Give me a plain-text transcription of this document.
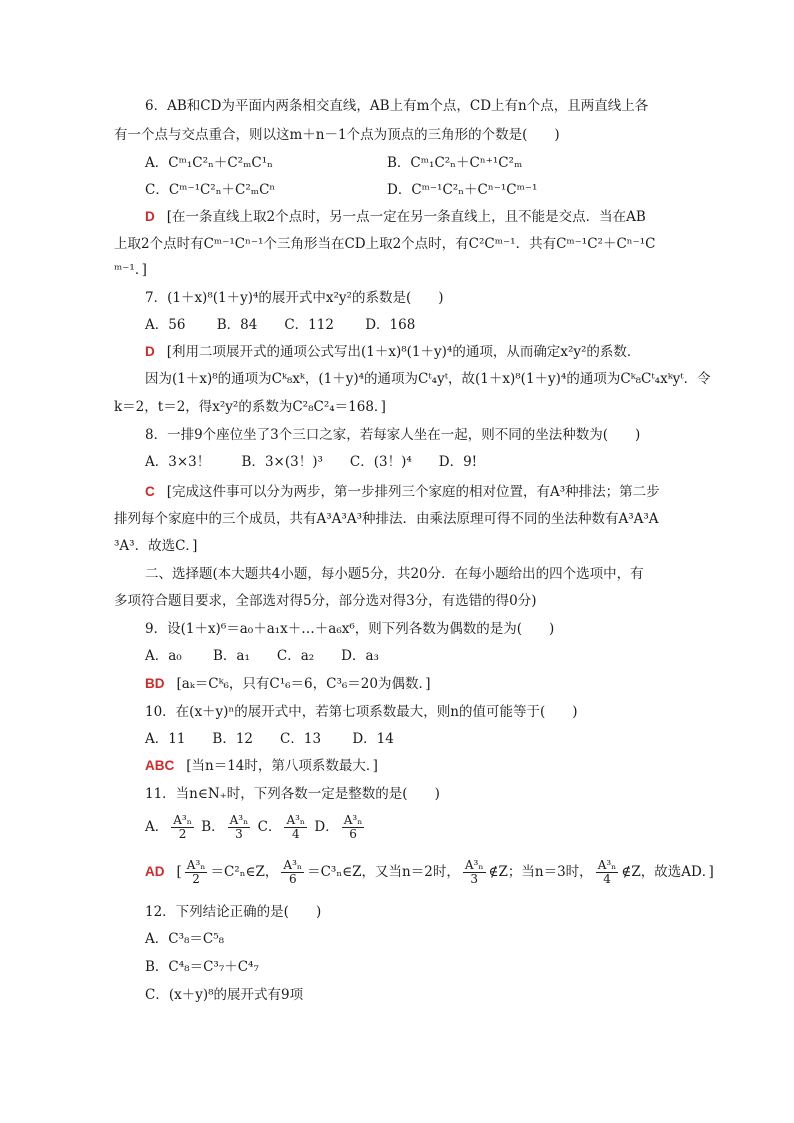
6．AB和CD为平面内两条相交直线，AB上有m个点，CD上有n个点，且两直线上各
有一个点与交点重合，则以这m＋n－1个点为顶点的三角形的个数是(　　)
A．Cᵐ₁C²ₙ＋C²ₘC¹ₙ	B．Cᵐ₁C²ₙ＋Cⁿ⁺¹C²ₘ
C．Cᵐ⁻¹C²ₙ＋C²ₘCⁿ	D．Cᵐ⁻¹C²ₙ＋Cⁿ⁻¹Cᵐ⁻¹
D [在一条直线上取2个点时，另一点一定在另一条直线上，且不能是交点．当在AB
上取2个点时有Cᵐ⁻¹Cⁿ⁻¹个三角形当在CD上取2个点时，有C²Cᵐ⁻¹．共有Cᵐ⁻¹C²＋Cⁿ⁻¹C
ᵐ⁻¹．]
7．(1＋x)⁸(1＋y)⁴的展开式中x²y²的系数是(　　)
A．56　　 B．84　　C．112　　 D．168
D [利用二项展开式的通项公式写出(1＋x)⁸(1＋y)⁴的通项，从而确定x²y²的系数．
因为(1＋x)⁸的通项为Cᵏ₈xᵏ，(1＋y)⁴的通项为Cᵗ₄yᵗ，故(1＋x)⁸(1＋y)⁴的通项为Cᵏ₈Cᵗ₄xᵏyᵗ．令
k＝2，t＝2，得x²y²的系数为C²₈C²₄＝168．]
8．一排9个座位坐了3个三口之家，若每家人坐在一起，则不同的坐法种数为(　　)
A．3×3！　　 B．3×(3！)³　　C．(3！)⁴　　D．9!
C [完成这件事可以分为两步，第一步排列三个家庭的相对位置，有A³种排法；第二步
排列每个家庭中的三个成员，共有A³A³A³种排法．由乘法原理可得不同的坐法种数有A³A³A
³A³．故选C．]
二、选择题(本大题共4小题，每小题5分，共20分．在每小题给出的四个选项中，有
多项符合题目要求，全部选对得5分，部分选对得3分，有选错的得0分)
9．设(1＋x)⁶＝a₀＋a₁x＋…＋a₆x⁶，则下列各数为偶数的是为(　　)
A．a₀　　 B．a₁　　C．a₂　　D．a₃
BD [aₖ＝Cᵏ₆，只有C¹₆＝6，C³₆＝20为偶数．]
10．在(x＋y)ⁿ的展开式中，若第七项系数最大，则n的值可能等于(　　)
A．11　　B．12　　C．13　　 D．14
ABC [当n＝14时，第八项系数最大．]
11．当n∈N₊时，下列各数一定是整数的是(　　)
A． $\frac{\text{A³ₙ}}{2}$ B． $\frac{\text{A³ₙ}}{3}$ C． $\frac{\text{A³ₙ}}{4}$ D． $\frac{\text{A³ₙ}}{6}$
AD [ $\frac{\text{A³ₙ}}{2}$ ＝C²ₙ∈Z， $\frac{\text{A³ₙ}}{6}$ ＝C³ₙ∈Z，又当n＝2时， $\frac{\text{A³ₙ}}{3}$ ∉Z；当n＝3时， $\frac{\text{A³ₙ}}{4}$ ∉Z，故选AD．]
12．下列结论正确的是(　　)
A．C³₈＝C⁵₈
B．C⁴₈＝C³₇＋C⁴₇
C．(x＋y)⁸的展开式有9项
